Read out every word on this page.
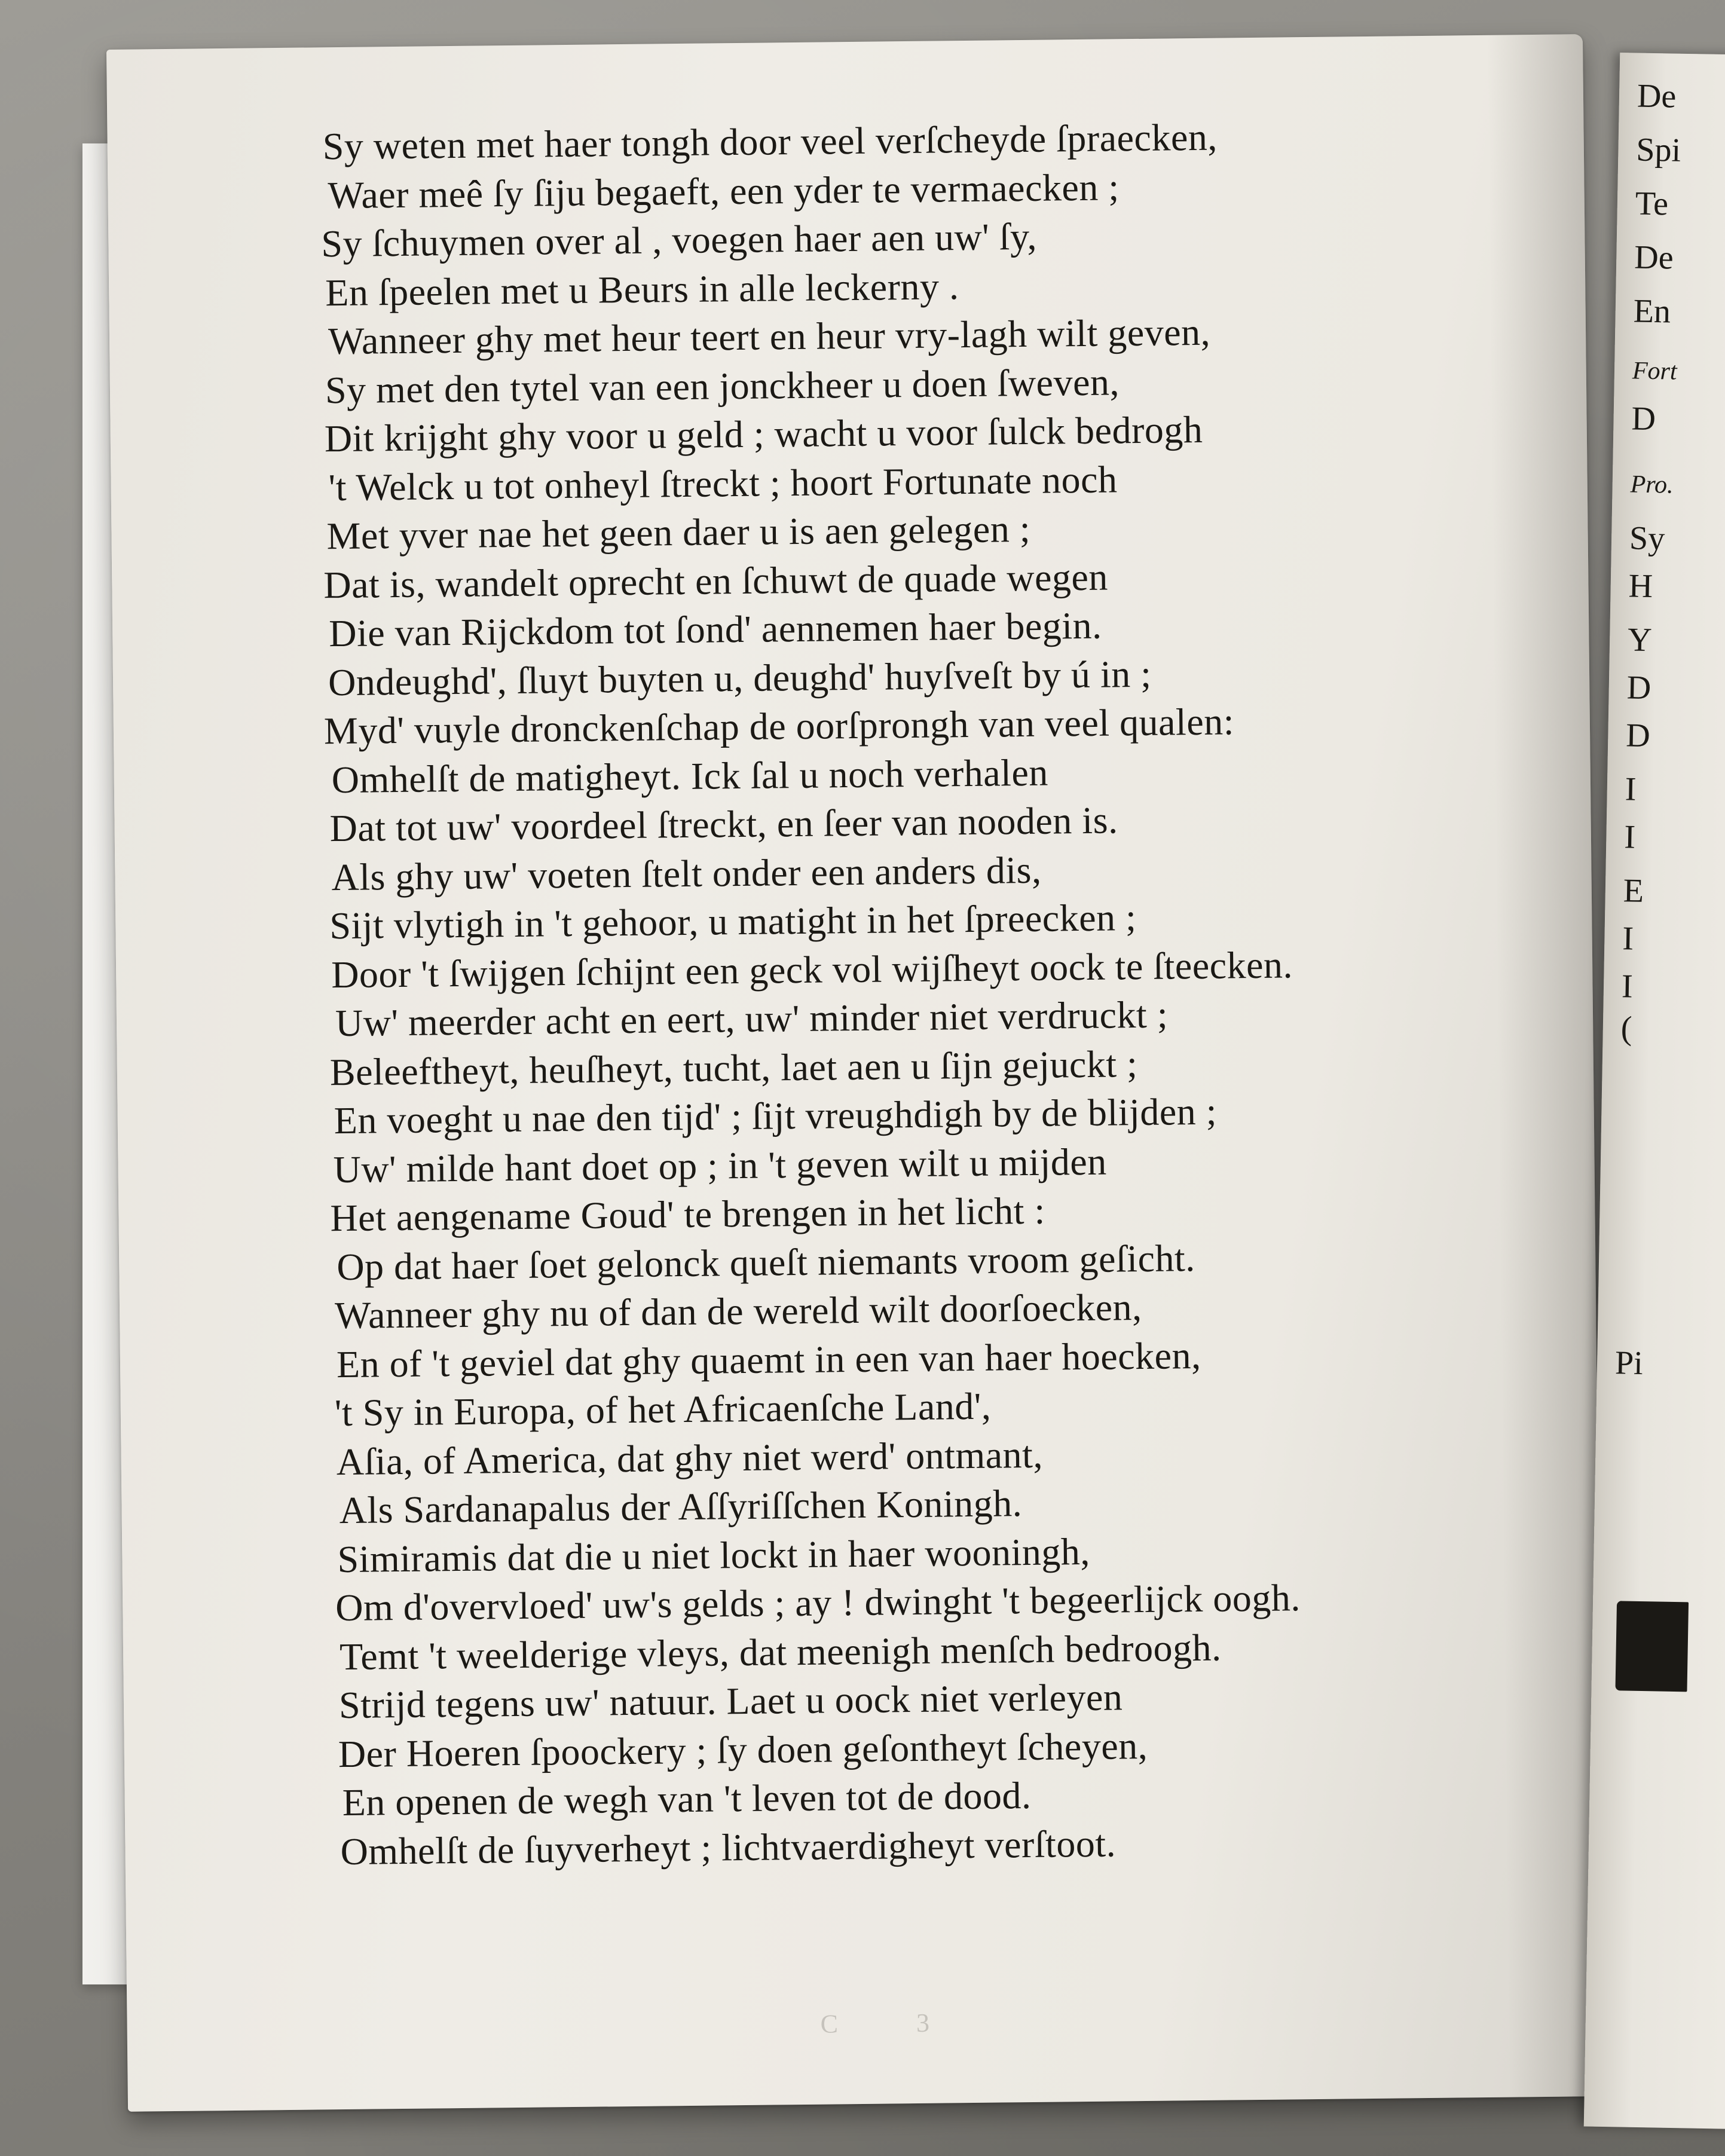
Sy weten met haer tongh door veel verſcheyde ſpraecken,
Waer meê ſy ſiju begaeft, een yder te vermaecken ;
Sy ſchuymen over al , voegen haer aen uw' ſy,
En ſpeelen met u Beurs in alle leckerny .
Wanneer ghy met heur teert en heur vry-lagh wilt geven,
Sy met den tytel van een jonckheer u doen ſweven,
Dit krijght ghy voor u geld ; wacht u voor ſulck bedrogh
't Welck u tot onheyl ſtreckt ; hoort Fortunate noch
Met yver nae het geen daer u is aen gelegen ;
Dat is, wandelt oprecht en ſchuwt de quade wegen
Die van Rijckdom tot ſond' aennemen haer begin.
Ondeughd', ſluyt buyten u, deughd' huyſveſt by ú in ;
Myd' vuyle dronckenſchap de oorſprongh van veel qualen:
Omhelſt de matigheyt. Ick ſal u noch verhalen
Dat tot uw' voordeel ſtreckt, en ſeer van nooden is.
Als ghy uw' voeten ſtelt onder een anders dis,
Sijt vlytigh in 't gehoor, u matight in het ſpreecken ;
Door 't ſwijgen ſchijnt een geck vol wijſheyt oock te ſteecken.
Uw' meerder acht en eert, uw' minder niet verdruckt ;
Beleeftheyt, heuſheyt, tucht, laet aen u ſijn gejuckt ;
En voeght u nae den tijd' ; ſijt vreughdigh by de blijden ;
Uw' milde hant doet op ; in 't geven wilt u mijden
Het aengename Goud' te brengen in het licht :
Op dat haer ſoet gelonck queſt niemants vroom geſicht.
Wanneer ghy nu of dan de wereld wilt doorſoecken,
En of 't geviel dat ghy quaemt in een van haer hoecken,
't Sy in Europa, of het Africaenſche Land',
Aſia, of America, dat ghy niet werd' ontmant,
Als Sardanapalus der Aſſyriſſchen Koningh.
Simiramis dat die u niet lockt in haer wooningh,
Om d'overvloed' uw's gelds ; ay ! dwinght 't begeerlijck oogh.
Temt 't weelderige vleys, dat meenigh menſch bedroogh.
Strijd tegens uw' natuur. Laet u oock niet verleyen
Der Hoeren ſpoockery ; ſy doen geſontheyt ſcheyen,
En openen de wegh van 't leven tot de dood.
Omhelſt de ſuyverheyt ; lichtvaerdigheyt verſtoot.
C 3
De
Spi
Te
De
En
Fort
D
Pro.
Sy
H
Y
D
D
I
I
E
I
I
(
Pi
